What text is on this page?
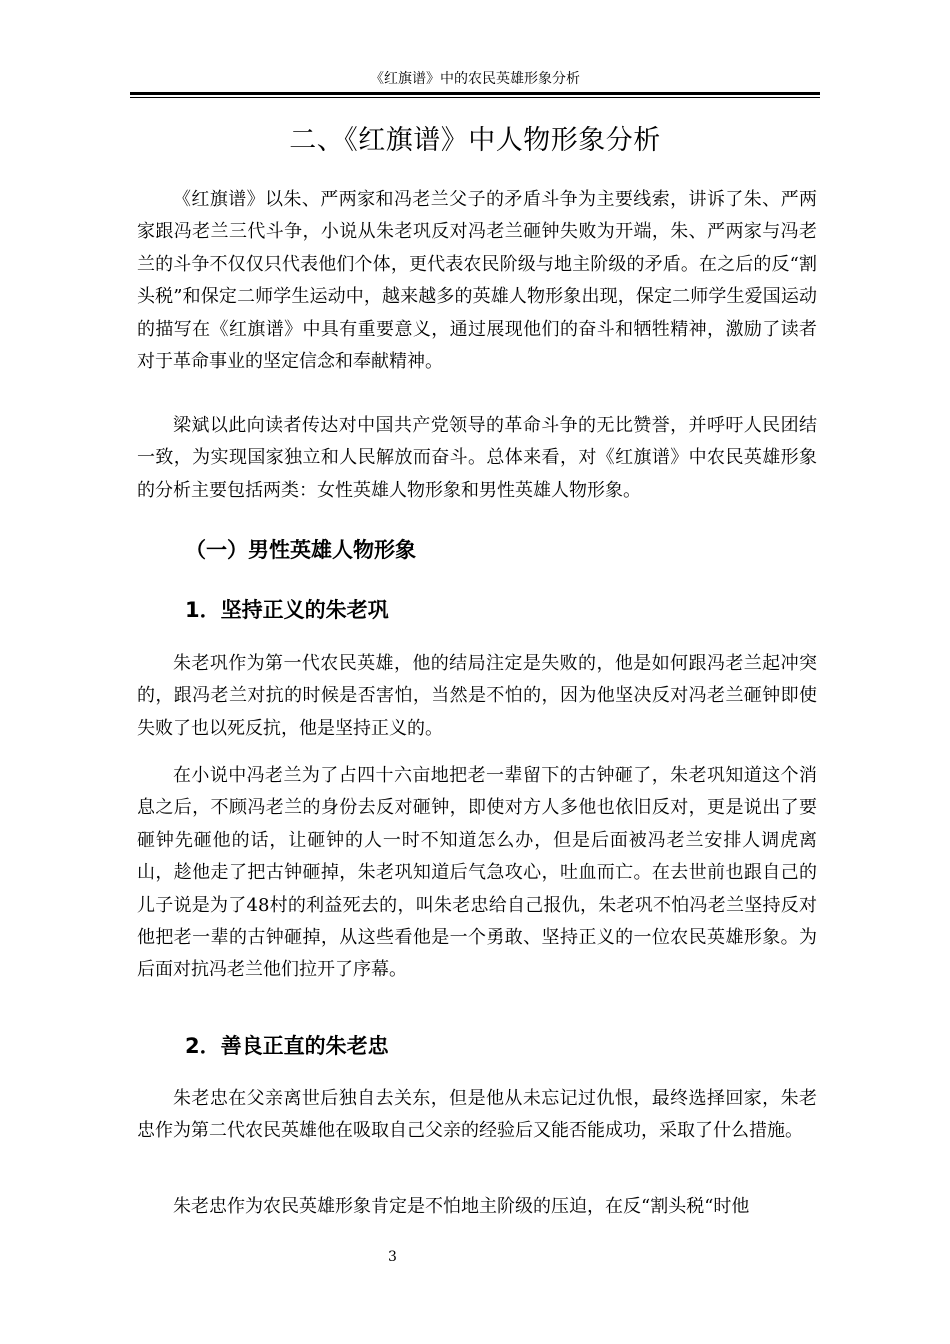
《红旗谱》中的农民英雄形象分析
二、《红旗谱》中人物形象分析

《红旗谱》以朱、严两家和冯老兰父子的矛盾斗争为主要线索，讲诉了朱、严两家跟冯老兰三代斗争，小说从朱老巩反对冯老兰砸钟失败为开端，朱、严两家与冯老兰的斗争不仅仅只代表他们个体，更代表农民阶级与地主阶级的矛盾。在之后的反“割头税”和保定二师学生运动中，越来越多的英雄人物形象出现，保定二师学生爱国运动的描写在《红旗谱》中具有重要意义，通过展现他们的奋斗和牺牲精神，激励了读者对于革命事业的坚定信念和奉献精神。

梁斌以此向读者传达对中国共产党领导的革命斗争的无比赞誉，并呼吁人民团结一致，为实现国家独立和人民解放而奋斗。总体来看，对《红旗谱》中农民英雄形象的分析主要包括两类：女性英雄人物形象和男性英雄人物形象。

（一）男性英雄人物形象
1．坚持正义的朱老巩

朱老巩作为第一代农民英雄，他的结局注定是失败的，他是如何跟冯老兰起冲突的，跟冯老兰对抗的时候是否害怕，当然是不怕的，因为他坚决反对冯老兰砸钟即使失败了也以死反抗，他是坚持正义的。

在小说中冯老兰为了占四十六亩地把老一辈留下的古钟砸了，朱老巩知道这个消息之后，不顾冯老兰的身份去反对砸钟，即使对方人多他也依旧反对，更是说出了要砸钟先砸他的话，让砸钟的人一时不知道怎么办，但是后面被冯老兰安排人调虎离山，趁他走了把古钟砸掉，朱老巩知道后气急攻心，吐血而亡。在去世前也跟自己的儿子说是为了48村的利益死去的，叫朱老忠给自己报仇，朱老巩不怕冯老兰坚持反对他把老一辈的古钟砸掉，从这些看他是一个勇敢、坚持正义的一位农民英雄形象。为后面对抗冯老兰他们拉开了序幕。

2．善良正直的朱老忠

朱老忠在父亲离世后独自去关东，但是他从未忘记过仇恨，最终选择回家，朱老忠作为第二代农民英雄他在吸取自己父亲的经验后又能否能成功，采取了什么措施。

朱老忠作为农民英雄形象肯定是不怕地主阶级的压迫，在反“割头税“时他

3
